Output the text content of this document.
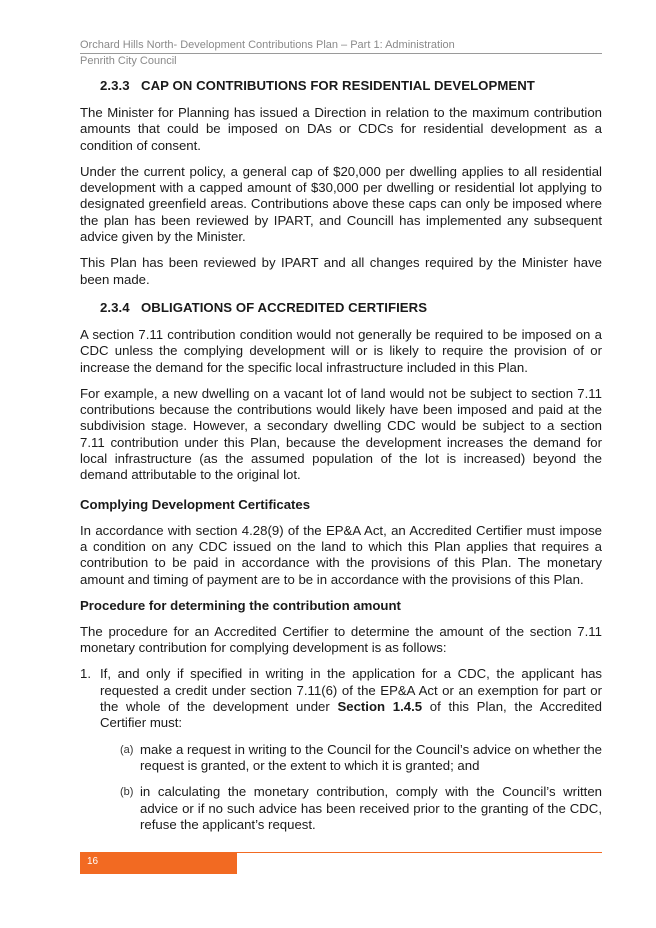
Orchard Hills North- Development Contributions Plan – Part 1: Administration
Penrith City Council
2.3.3 CAP ON CONTRIBUTIONS FOR RESIDENTIAL DEVELOPMENT

The Minister for Planning has issued a Direction in relation to the maximum contribution amounts that could be imposed on DAs or CDCs for residential development as a condition of consent.

Under the current policy, a general cap of $20,000 per dwelling applies to all residential development with a capped amount of $30,000 per dwelling or residential lot applying to designated greenfield areas. Contributions above these caps can only be imposed where the plan has been reviewed by IPART, and Councill has implemented any subsequent advice given by the Minister.

This Plan has been reviewed by IPART and all changes required by the Minister have been made.

2.3.4 OBLIGATIONS OF ACCREDITED CERTIFIERS

A section 7.11 contribution condition would not generally be required to be imposed on a CDC unless the complying development will or is likely to require the provision of or increase the demand for the specific local infrastructure included in this Plan.

For example, a new dwelling on a vacant lot of land would not be subject to section 7.11 contributions because the contributions would likely have been imposed and paid at the subdivision stage. However, a secondary dwelling CDC would be subject to a section 7.11 contribution under this Plan, because the development increases the demand for local infrastructure (as the assumed population of the lot is increased) beyond the demand attributable to the original lot.

Complying Development Certificates

In accordance with section 4.28(9) of the EP&A Act, an Accredited Certifier must impose a condition on any CDC issued on the land to which this Plan applies that requires a contribution to be paid in accordance with the provisions of this Plan. The monetary amount and timing of payment are to be in accordance with the provisions of this Plan.

Procedure for determining the contribution amount

The procedure for an Accredited Certifier to determine the amount of the section 7.11 monetary contribution for complying development is as follows:

1. If, and only if specified in writing in the application for a CDC, the applicant has requested a credit under section 7.11(6) of the EP&A Act or an exemption for part or the whole of the development under Section 1.4.5 of this Plan, the Accredited Certifier must:
(a) make a request in writing to the Council for the Council’s advice on whether the request is granted, or the extent to which it is granted; and
(b) in calculating the monetary contribution, comply with the Council’s written advice or if no such advice has been received prior to the granting of the CDC, refuse the applicant’s request.
16
